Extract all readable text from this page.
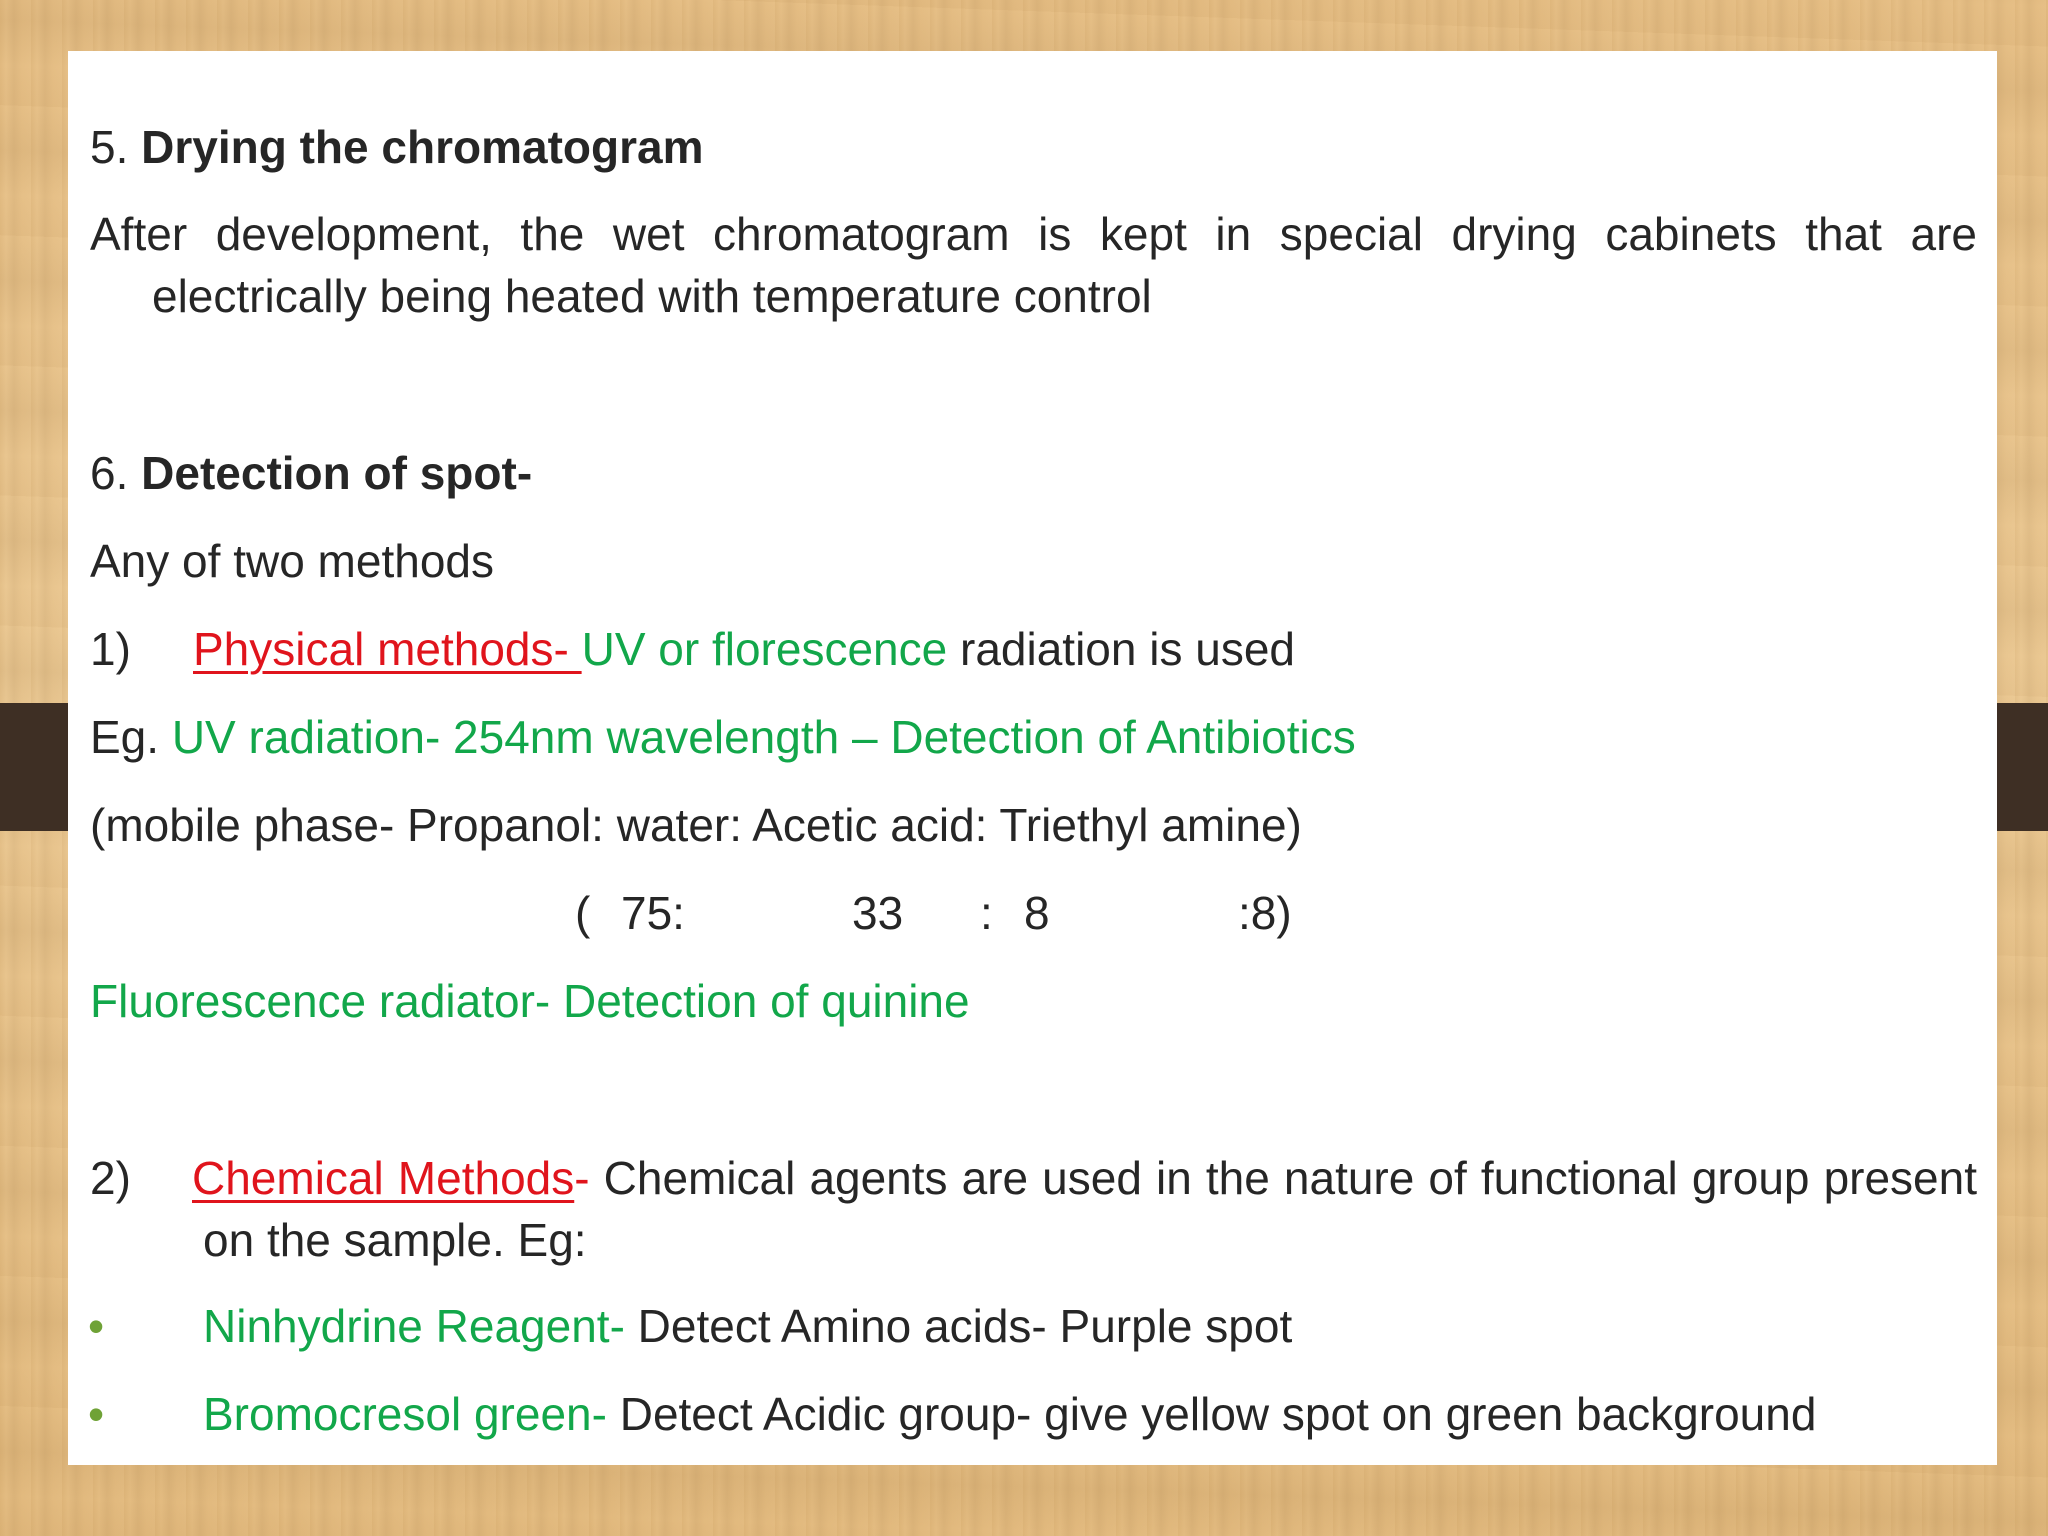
5. Drying the chromatogram

After development, the wet chromatogram is kept in special drying cabinets that are electrically being heated with temperature control

6. Detection of spot-

Any of two methods

1) Physical methods- UV or florescence radiation is used

Eg. UV radiation- 254nm wavelength – Detection of Antibiotics

(mobile phase- Propanol: water: Acetic acid: Triethyl amine)

( 75:	33 : 8	:8)

Fluorescence radiator- Detection of quinine

2) Chemical Methods- Chemical agents are used in the nature of functional group present on the sample. Eg:

• Ninhydrine Reagent- Detect Amino acids- Purple spot

• Bromocresol green- Detect Acidic group- give yellow spot on green background
